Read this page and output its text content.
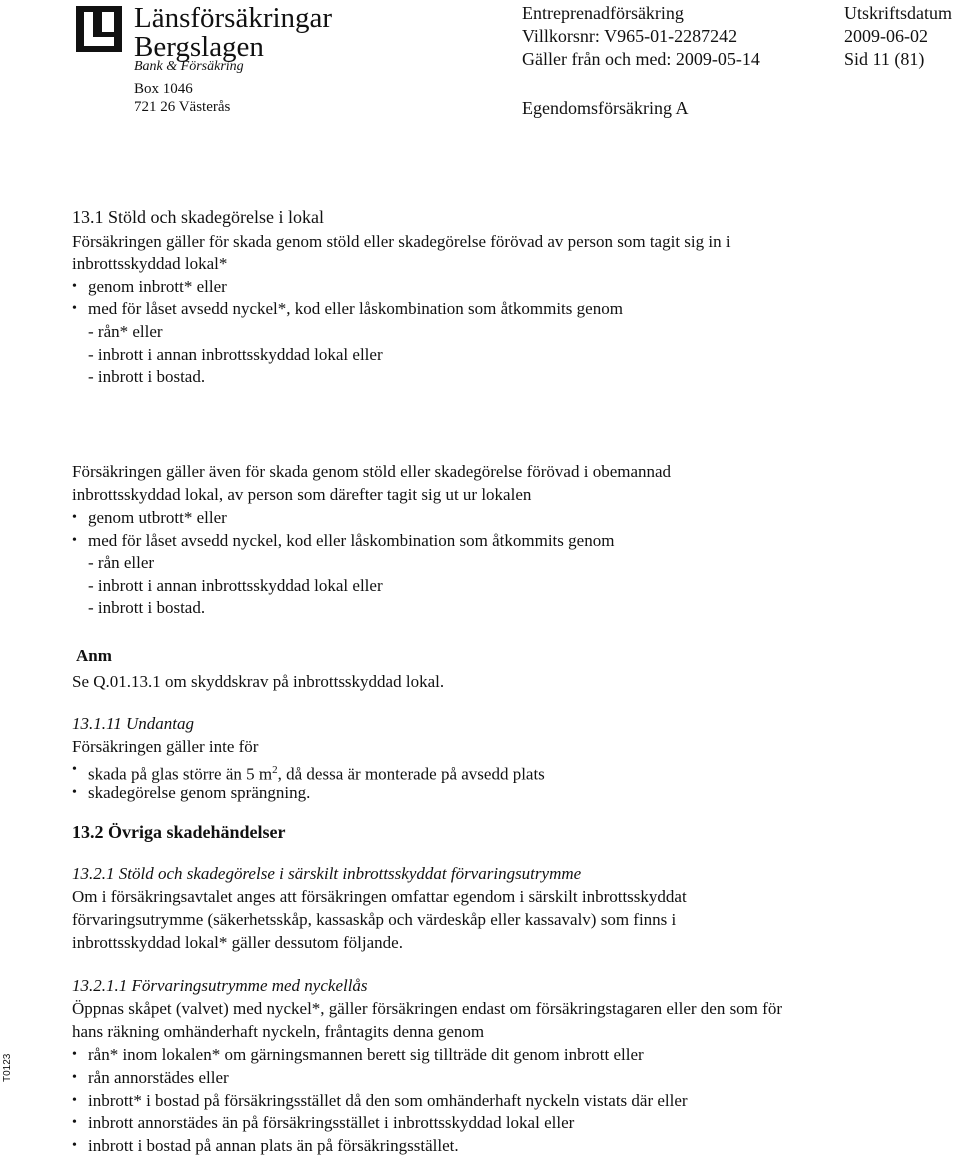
Länsförsäkringar
Bergslagen
Bank & Försäkring
Box 1046
721 26 Västerås
Entreprenadförsäkring
Villkorsnr: V965-01-2287242
Gäller från och med: 2009-05-14
Egendomsförsäkring A
Utskriftsdatum
2009-06-02
Sid 11 (81)
13.1 Stöld och skadegörelse i lokal
Försäkringen gäller för skada genom stöld eller skadegörelse förövad av person som tagit sig in i
inbrottsskyddad lokal*
• genom inbrott* eller
• med för låset avsedd nyckel*, kod eller låskombination som åtkommits genom
- rån* eller
- inbrott i annan inbrottsskyddad lokal eller
- inbrott i bostad.
Försäkringen gäller även för skada genom stöld eller skadegörelse förövad i obemannad
inbrottsskyddad lokal, av person som därefter tagit sig ut ur lokalen
• genom utbrott* eller
• med för låset avsedd nyckel, kod eller låskombination som åtkommits genom
- rån eller
- inbrott i annan inbrottsskyddad lokal eller
- inbrott i bostad.
Anm
Se Q.01.13.1 om skyddskrav på inbrottsskyddad lokal.
13.1.11 Undantag
Försäkringen gäller inte för
• skada på glas större än 5 $m^2$, då dessa är monterade på avsedd plats
• skadegörelse genom sprängning.
13.2 Övriga skadehändelser
13.2.1 Stöld och skadegörelse i särskilt inbrottsskyddat förvaringsutrymme
Om i försäkringsavtalet anges att försäkringen omfattar egendom i särskilt inbrottsskyddat
förvaringsutrymme (säkerhetsskåp, kassaskåp och värdeskåp eller kassavalv) som finns i
inbrottsskyddad lokal* gäller dessutom följande.
13.2.1.1 Förvaringsutrymme med nyckellås
Öppnas skåpet (valvet) med nyckel*, gäller försäkringen endast om försäkringstagaren eller den som för
hans räkning omhänderhaft nyckeln, fråntagits denna genom
• rån* inom lokalen* om gärningsmannen berett sig tillträde dit genom inbrott eller
• rån annorstädes eller
• inbrott* i bostad på försäkringsstället då den som omhänderhaft nyckeln vistats där eller
• inbrott annorstädes än på försäkringsstället i inbrottsskyddad lokal eller
• inbrott i bostad på annan plats än på försäkringsstället.
T0123
